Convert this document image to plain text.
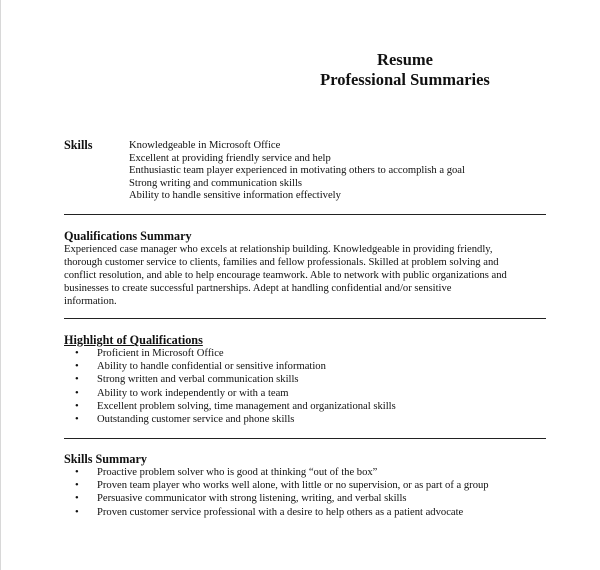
Resume
Professional Summaries
Skills	Knowledgeable in Microsoft Office
Excellent at providing friendly service and help
Enthusiastic team player experienced in motivating others to accomplish a goal
Strong writing and communication skills
Ability to handle sensitive information effectively
Qualifications Summary

Experienced case manager who excels at relationship building. Knowledgeable in providing friendly,

thorough customer service to clients, families and fellow professionals. Skilled at problem solving and

conflict resolution, and able to help encourage teamwork. Able to network with public organizations and

businesses to create successful partnerships. Adept at handling confidential and/or sensitive

information.

Highlight of Qualifications
• Proficient in Microsoft Office
• Ability to handle confidential or sensitive information
• Strong written and verbal communication skills
• Ability to work independently or with a team
• Excellent problem solving, time management and organizational skills
• Outstanding customer service and phone skills
Skills Summary
• Proactive problem solver who is good at thinking “out of the box”
• Proven team player who works well alone, with little or no supervision, or as part of a group
• Persuasive communicator with strong listening, writing, and verbal skills
• Proven customer service professional with a desire to help others as a patient advocate
